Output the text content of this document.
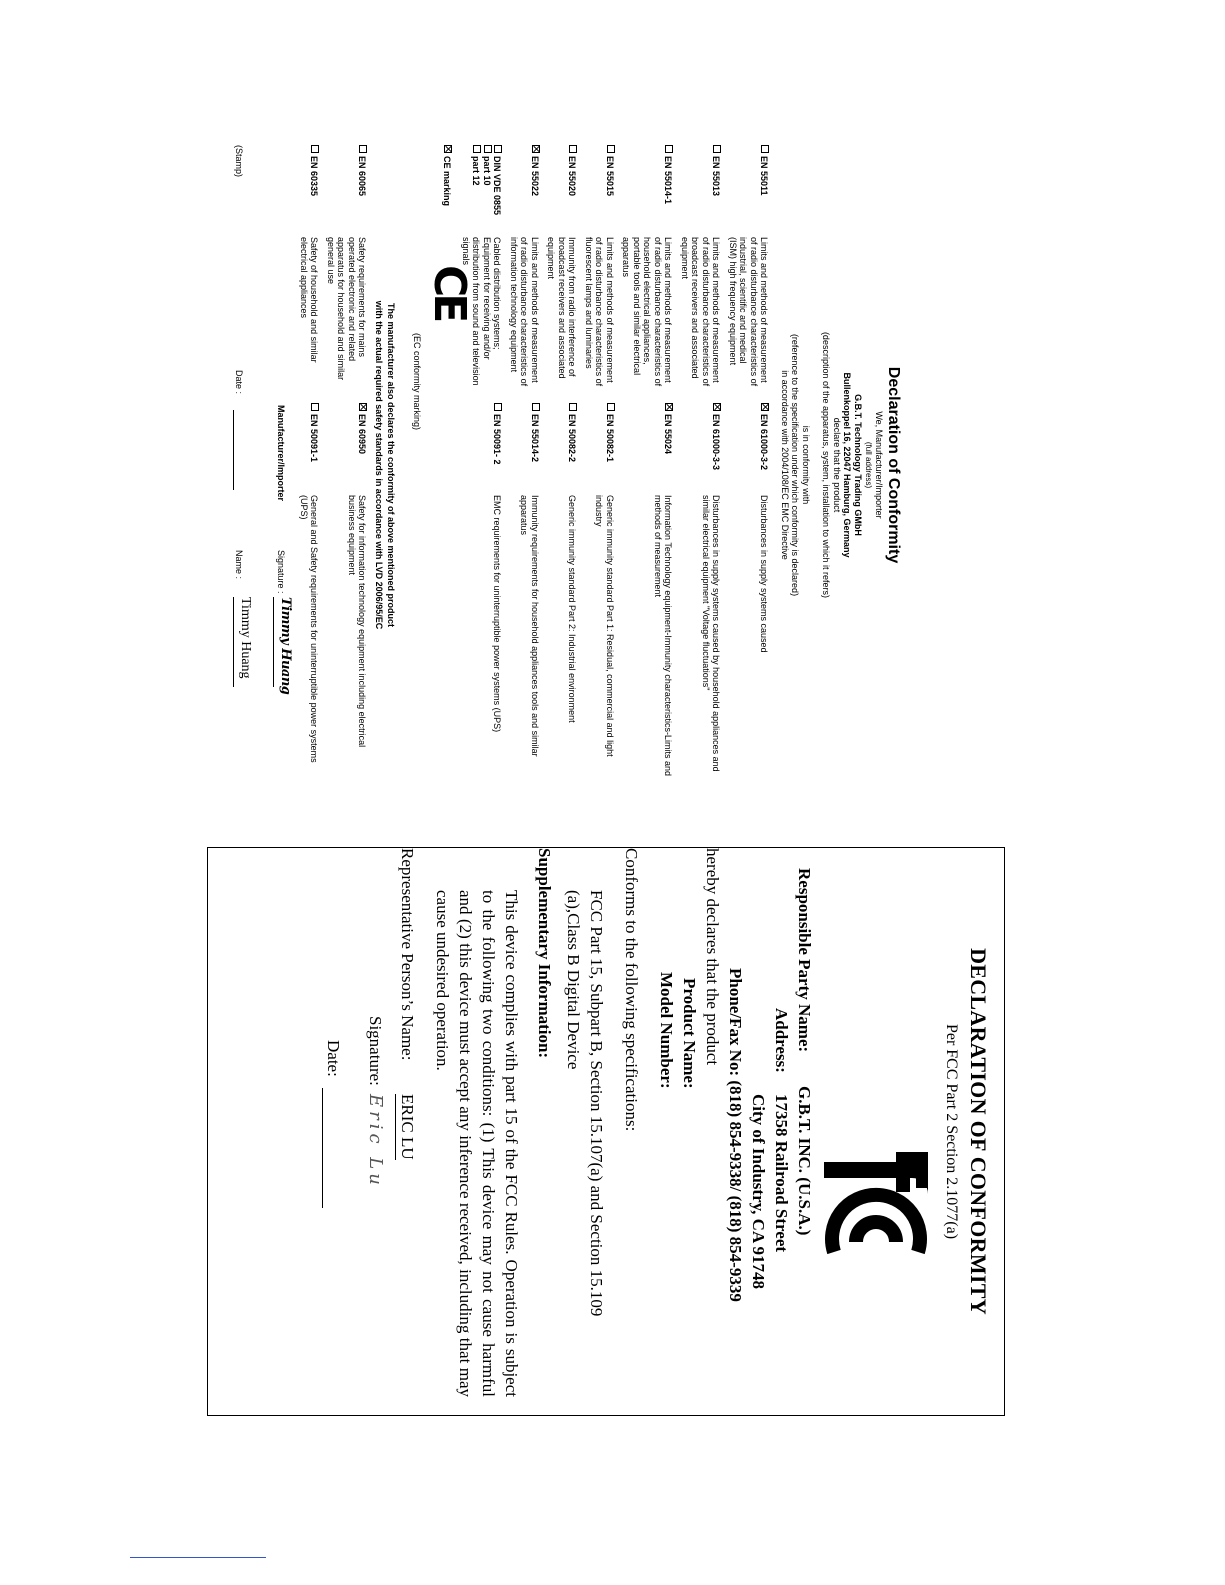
Declaration of Conformity
We, Manufacturer/Importer
(full address)
G.B.T. Technology Trading GMbH
Bullenkoppel 16, 22047 Hamburg, Germany
declare that the product
(description of the apparatus, system, installation to which it refers)
is in conformity with
(reference to the specification under which conformity is declared)
in accordance with 2004/108/EC EMC Directive
EN 55011	Limits and methods of measurement of radio disturbance characteristics of industrial, scientific and medical (ISM) high frequency equipment	EN 61000-3-2	Disturbances in supply systems caused
EN 55013	Limits and methods of measurement of radio disturbance characteristics of broadcast receivers and associated equipment	EN 61000-3-3	Disturbances in supply systems caused by household appliances and similar electrical equipment "Voltage fluctuations"
EN 55014-1	Limits and methods of measurement of radio disturbance characteristics of household electrical appliances, portable tools and similar electrical apparatus	EN 55024	Information Technology equipment-Immunity characteristics-Limits and methods of measurement
EN 55015	Limits and methods of measurement of radio disturbance characteristics of fluorescent lamps and luminaries	EN 50082-1	Generic immunity standard Part 1: Residual, commercial and light industry
EN 55020	Immunity from radio interference of broadcast receivers and associated equipment	EN 50082-2	Generic immunity standard Part 2: Industrial environment
EN 55022	Limits and methods of measurement of radio disturbance characteristics of information technology equipment	EN 55014-2	Immunity requirements for household appliances tools and similar apparatus

DIN VDE 0855
part 10
part 12	Cabled distribution systems; Equipment for receiving and/or distribution from sound and television signals	EN 50091- 2	EMC requirements for uninterruptible power systems (UPS)
CE marking
CE
(EC conformity marking)
The manufacturer also declares the conformity of above mentioned product
with the actual required safety standards in accordance with LVD 2006/95/EC
EN 60065	Safety requirements for mains operated electronic and related apparatus for household and similar general use	EN 60950	Safety for information technology equipment including electrical business equipment
EN 60335	Safety of household and similar electrical appliances	EN 50091-1	General and Safety requirements for uninterruptible power systems (UPS)
Manufacturer/Importer
Signature :
Timmy Huang
(Stamp)
Date :
Name :
Timmy Huang
DECLARATION OF CONFORMITY
Per FCC Part 2 Section 2.1077(a)
Responsible Party Name:
G.B.T. INC. (U.S.A.)
Address:
17358 Railroad Street
City of Industry, CA 91748
Phone/Fax No: (818) 854-9338/ (818) 854-9339
hereby declares that the product
Product Name:
Model Number:
Conforms to the following specifications:
FCC Part 15, Subpart B, Section 15.107(a) and Section 15.109
(a),Class B Digital Device
Supplementary Information:
This device complies with part 15 of the FCC Rules. Operation is subject to the following two conditions: (1) This device may not cause harmful and (2) this device must accept any inference received, including that may cause undesired operation.
Representative Person’s Name:
ERIC LU
Signature:
Eric Lu
Date:
